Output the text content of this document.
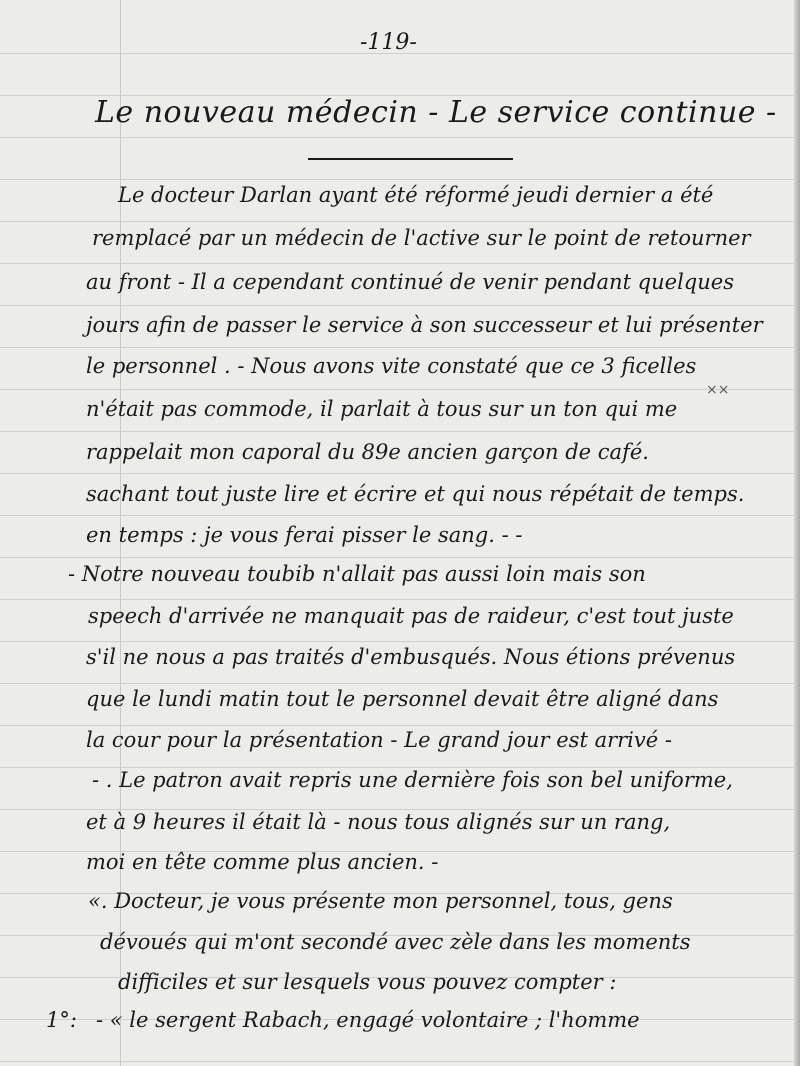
-119-
Le nouveau médecin - Le service continue -
Le docteur Darlan ayant été réformé jeudi dernier a été
remplacé par un médecin de l'active sur le point de retourner
au front - Il a cependant continué de venir pendant quelques
jours afin de passer le service à son successeur et lui présenter
le personnel . - Nous avons vite constaté que ce 3 ficelles
n'était pas commode, il parlait à tous sur un ton qui me
××
rappelait mon caporal du 89e ancien garçon de café.
sachant tout juste lire et écrire et qui nous répétait de temps.
en temps : je vous ferai pisser le sang. - -
- Notre nouveau toubib n'allait pas aussi loin mais son
speech d'arrivée ne manquait pas de raideur, c'est tout juste
s'il ne nous a pas traités d'embusqués. Nous étions prévenus
que le lundi matin tout le personnel devait être aligné dans
la cour pour la présentation - Le grand jour est arrivé -
- . Le patron avait repris une dernière fois son bel uniforme,
et à 9 heures il était là - nous tous alignés sur un rang,
moi en tête comme plus ancien. -
«. Docteur, je vous présente mon personnel, tous, gens
dévoués qui m'ont secondé avec zèle dans les moments
difficiles et sur lesquels vous pouvez compter :
1°: - « le sergent Rabach, engagé volontaire ; l'homme
